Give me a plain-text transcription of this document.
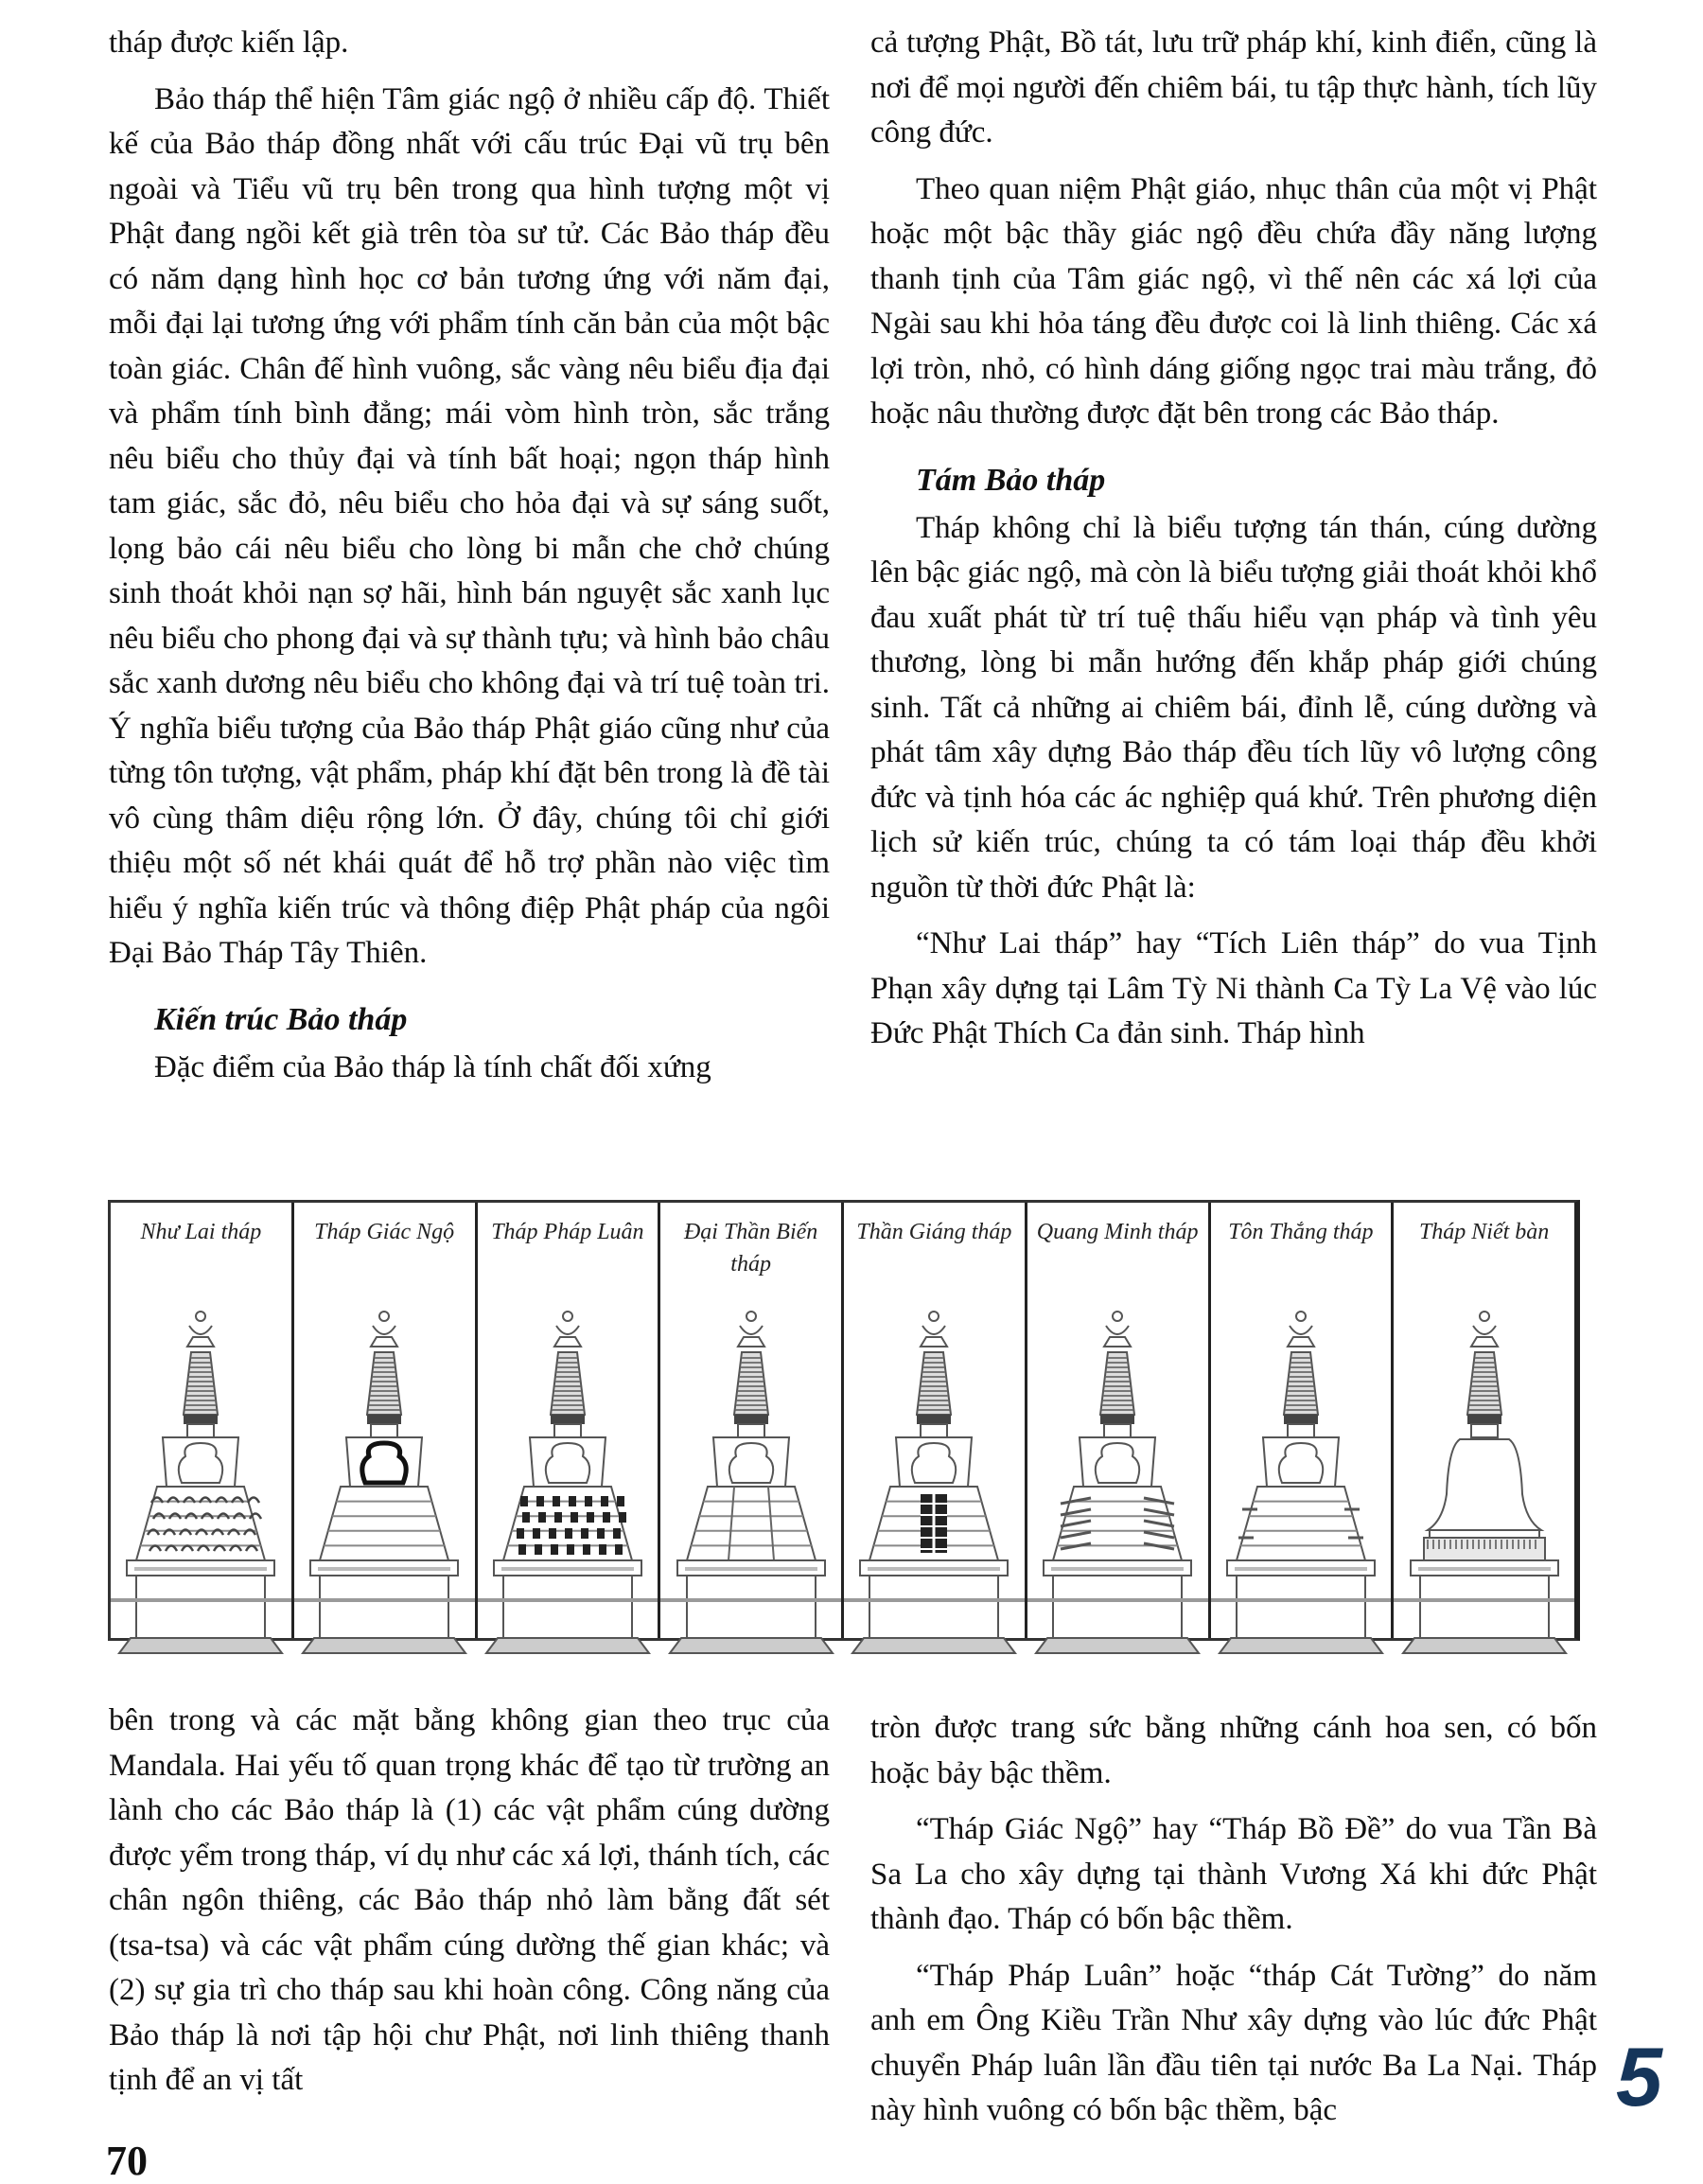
tháp được kiến lập.

Bảo tháp thể hiện Tâm giác ngộ ở nhiều cấp độ. Thiết kế của Bảo tháp đồng nhất với cấu trúc Đại vũ trụ bên ngoài và Tiểu vũ trụ bên trong qua hình tượng một vị Phật đang ngồi kết già trên tòa sư tử. Các Bảo tháp đều có năm dạng hình học cơ bản tương ứng với năm đại, mỗi đại lại tương ứng với phẩm tính căn bản của một bậc toàn giác. Chân đế hình vuông, sắc vàng nêu biểu địa đại và phẩm tính bình đẳng; mái vòm hình tròn, sắc trắng nêu biểu cho thủy đại và tính bất hoại; ngọn tháp hình tam giác, sắc đỏ, nêu biểu cho hỏa đại và sự sáng suốt, lọng bảo cái nêu biểu cho lòng bi mẫn che chở chúng sinh thoát khỏi nạn sợ hãi, hình bán nguyệt sắc xanh lục nêu biểu cho phong đại và sự thành tựu; và hình bảo châu sắc xanh dương nêu biểu cho không đại và trí tuệ toàn tri. Ý nghĩa biểu tượng của Bảo tháp Phật giáo cũng như của từng tôn tượng, vật phẩm, pháp khí đặt bên trong là đề tài vô cùng thâm diệu rộng lớn. Ở đây, chúng tôi chỉ giới thiệu một số nét khái quát để hỗ trợ phần nào việc tìm hiểu ý nghĩa kiến trúc và thông điệp Phật pháp của ngôi Đại Bảo Tháp Tây Thiên.

Kiến trúc Bảo tháp

Đặc điểm của Bảo tháp là tính chất đối xứng

cả tượng Phật, Bồ tát, lưu trữ pháp khí, kinh điển, cũng là nơi để mọi người đến chiêm bái, tu tập thực hành, tích lũy công đức.

Theo quan niệm Phật giáo, nhục thân của một vị Phật hoặc một bậc thầy giác ngộ đều chứa đầy năng lượng thanh tịnh của Tâm giác ngộ, vì thế nên các xá lợi của Ngài sau khi hỏa táng đều được coi là linh thiêng. Các xá lợi tròn, nhỏ, có hình dáng giống ngọc trai màu trắng, đỏ hoặc nâu thường được đặt bên trong các Bảo tháp.

Tám Bảo tháp

Tháp không chỉ là biểu tượng tán thán, cúng dường lên bậc giác ngộ, mà còn là biểu tượng giải thoát khỏi khổ đau xuất phát từ trí tuệ thấu hiểu vạn pháp và tình yêu thương, lòng bi mẫn hướng đến khắp pháp giới chúng sinh. Tất cả những ai chiêm bái, đỉnh lễ, cúng dường và phát tâm xây dựng Bảo tháp đều tích lũy vô lượng công đức và tịnh hóa các ác nghiệp quá khứ. Trên phương diện lịch sử kiến trúc, chúng ta có tám loại tháp đều khởi nguồn từ thời đức Phật là:

“Như Lai tháp” hay “Tích Liên tháp” do vua Tịnh Phạn xây dựng tại Lâm Tỳ Ni thành Ca Tỳ La Vệ vào lúc Đức Phật Thích Ca đản sinh. Tháp hình

Như Lai tháp	Tháp Giác Ngộ	Tháp Pháp Luân	Đại Thần Biến tháp
Thần Giáng tháp	Quang Minh tháp	Tôn Thắng tháp	Tháp Niết bàn

bên trong và các mặt bằng không gian theo trục của Mandala. Hai yếu tố quan trọng khác để tạo từ trường an lành cho các Bảo tháp là (1) các vật phẩm cúng dường được yểm trong tháp, ví dụ như các xá lợi, thánh tích, các chân ngôn thiêng, các Bảo tháp nhỏ làm bằng đất sét (tsa-tsa) và các vật phẩm cúng dường thế gian khác; và (2) sự gia trì cho tháp sau khi hoàn công. Công năng của Bảo tháp là nơi tập hội chư Phật, nơi linh thiêng thanh tịnh để an vị tất

tròn được trang sức bằng những cánh hoa sen, có bốn hoặc bảy bậc thềm.

“Tháp Giác Ngộ” hay “Tháp Bồ Đề” do vua Tần Bà Sa La cho xây dựng tại thành Vương Xá khi đức Phật thành đạo. Tháp có bốn bậc thềm.

“Tháp Pháp Luân” hoặc “tháp Cát Tường” do năm anh em Ông Kiều Trần Như xây dựng vào lúc đức Phật chuyển Pháp luân lần đầu tiên tại nước Ba La Nại. Tháp này hình vuông có bốn bậc thềm, bậc	5
70
